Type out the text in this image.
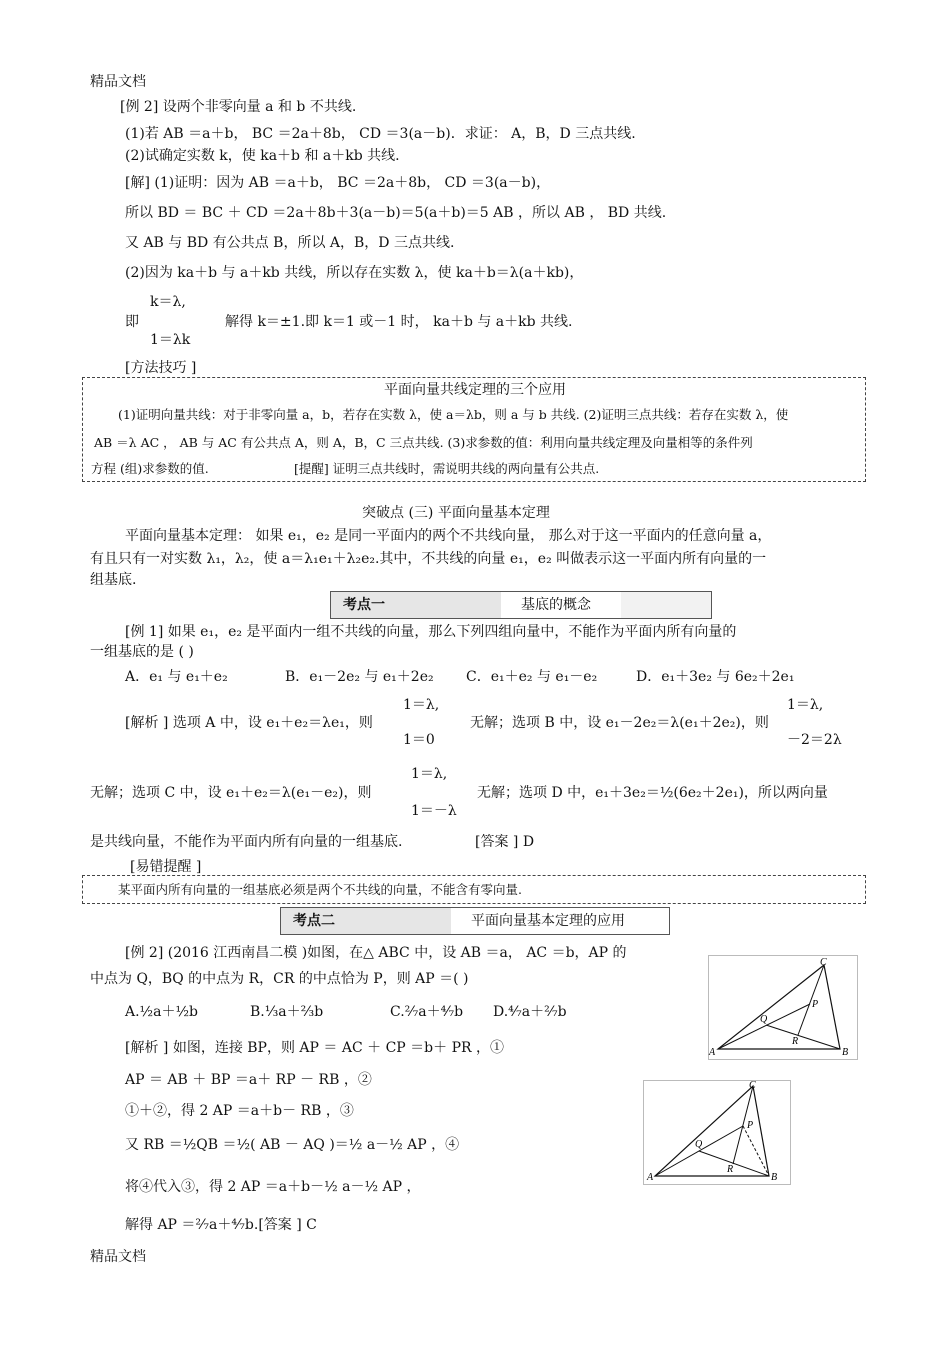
精品文档
[例 2] 设两个非零向量 a 和 b 不共线.
(1)若 AB ＝a＋b， BC ＝2a＋8b， CD ＝3(a－b)．求证： A，B，D 三点共线.
(2)试确定实数 k，使 ka＋b 和 a＋kb 共线.
[解] (1)证明：因为 AB ＝a＋b， BC ＝2a＋8b， CD ＝3(a－b)，
所以 BD ＝ BC ＋ CD ＝2a＋8b＋3(a－b)＝5(a＋b)＝5 AB ，所以 AB ， BD 共线.
又 AB 与 BD 有公共点 B，所以 A，B，D 三点共线.
(2)因为 ka＋b 与 a＋kb 共线，所以存在实数 λ，使 ka＋b＝λ(a＋kb)，
k＝λ,
即	解得 k＝±1.即 k＝1 或－1 时， ka＋b 与 a＋kb 共线.
1＝λk
[方法技巧 ]
平面向量共线定理的三个应用
(1)证明向量共线：对于非零向量 a，b，若存在实数 λ，使 a＝λb，则 a 与 b 共线. (2)证明三点共线：若存在实数 λ，使
AB ＝λ AC ， AB 与 AC 有公共点 A，则 A，B，C 三点共线. (3)求参数的值：利用向量共线定理及向量相等的条件列
方程 (组)求参数的值.	[提醒] 证明三点共线时，需说明共线的两向量有公共点.
突破点 (三) 平面向量基本定理
平面向量基本定理： 如果 e₁，e₂ 是同一平面内的两个不共线向量， 那么对于这一平面内的任意向量 a，
有且只有一对实数 λ₁，λ₂，使 a＝λ₁e₁＋λ₂e₂.其中，不共线的向量 e₁，e₂ 叫做表示这一平面内所有向量的一
组基底.
考点一	基底的概念
[例 1] 如果 e₁，e₂ 是平面内一组不共线的向量，那么下列四组向量中，不能作为平面内所有向量的
一组基底的是 ( )
A．e₁ 与 e₁＋e₂	B．e₁－2e₂ 与 e₁＋2e₂ C．e₁＋e₂ 与 e₁－e₂	D．e₁＋3e₂ 与 6e₂＋2e₁
1＝λ,
[解析 ] 选项 A 中，设 e₁＋e₂＝λe₁，则	无解；选项 B 中，设 e₁－2e₂＝λ(e₁＋2e₂)，则
1＝0
1＝λ,
－2＝2λ
1＝λ,
无解；选项 C 中，设 e₁＋e₂＝λ(e₁－e₂)，则	无解；选项 D 中，e₁＋3e₂＝½(6e₂＋2e₁)，所以两向量
1＝－λ
是共线向量，不能作为平面内所有向量的一组基底.	[答案 ] D
[易错提醒 ]
某平面内所有向量的一组基底必须是两个不共线的向量，不能含有零向量.
考点二	平面向量基本定理的应用
[例 2] (2016 江西南昌二模 )如图，在△ ABC 中，设 AB ＝a， AC ＝b，AP 的
中点为 Q，BQ 的中点为 R，CR 的中点恰为 P，则 AP ＝( )
A.½a＋½b	B.⅓a＋⅔b	C.²⁄₇a＋⁴⁄₇b D.⁴⁄₇a＋²⁄₇b
[解析 ] 如图，连接 BP，则 AP ＝ AC ＋ CP ＝b＋ PR ，①
AP ＝ AB ＋ BP ＝a＋ RP － RB ，②
①＋②，得 2 AP ＝a＋b－ RB ，③
又 RB ＝½QB ＝½( AB － AQ )＝½ a－½ AP ，④
将④代入③，得 2 AP ＝a＋b－½ a－½ AP ，
解得 AP ＝²⁄₇a＋⁴⁄₇b.[答案 ] C
A	B
C
P
Q
R
A	B
C
P
Q
R
精品文档
